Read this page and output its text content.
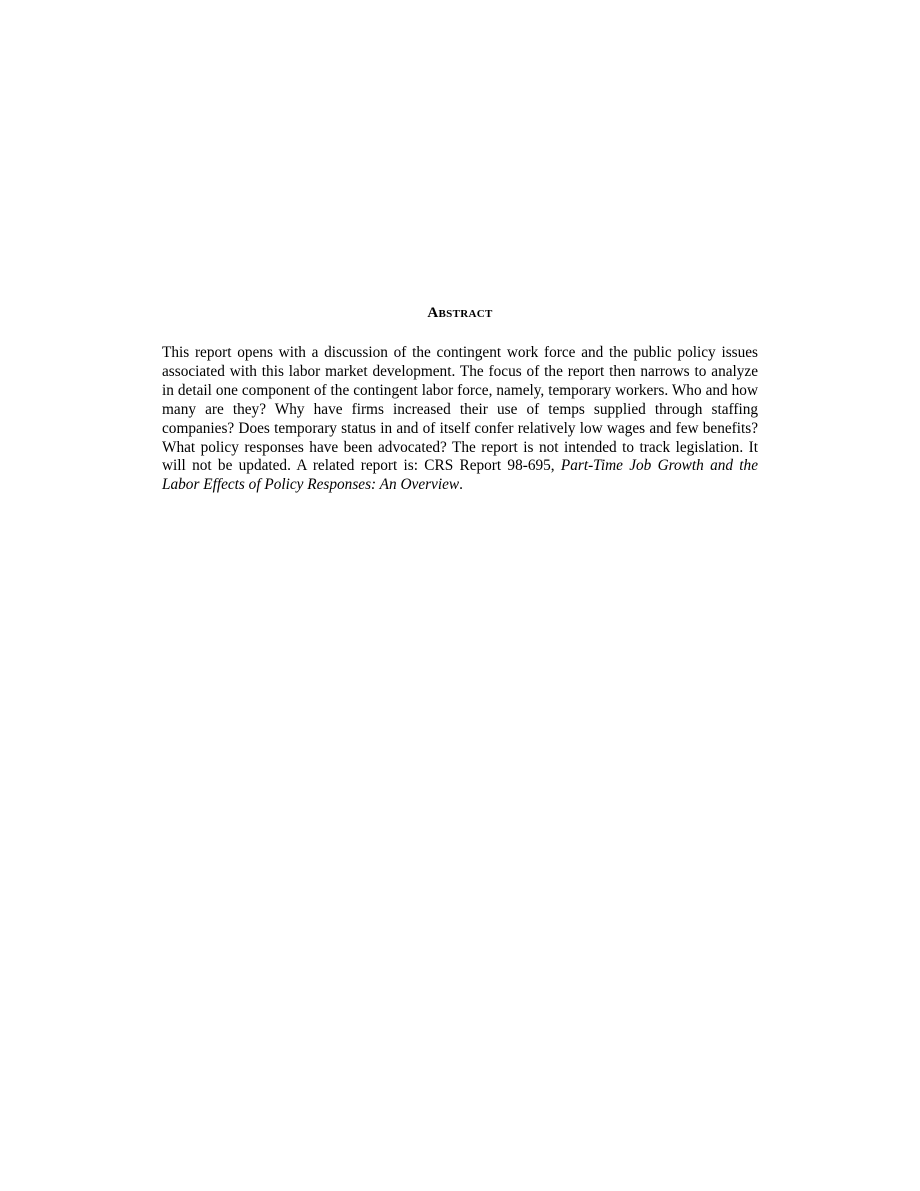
Abstract

This report opens with a discussion of the contingent work force and the public policy issues associated with this labor market development. The focus of the report then narrows to analyze in detail one component of the contingent labor force, namely, temporary workers. Who and how many are they? Why have firms increased their use of temps supplied through staffing companies? Does temporary status in and of itself confer relatively low wages and few benefits? What policy responses have been advocated? The report is not intended to track legislation. It will not be updated. A related report is: CRS Report 98-695, Part-Time Job Growth and the Labor Effects of Policy Responses: An Overview.
